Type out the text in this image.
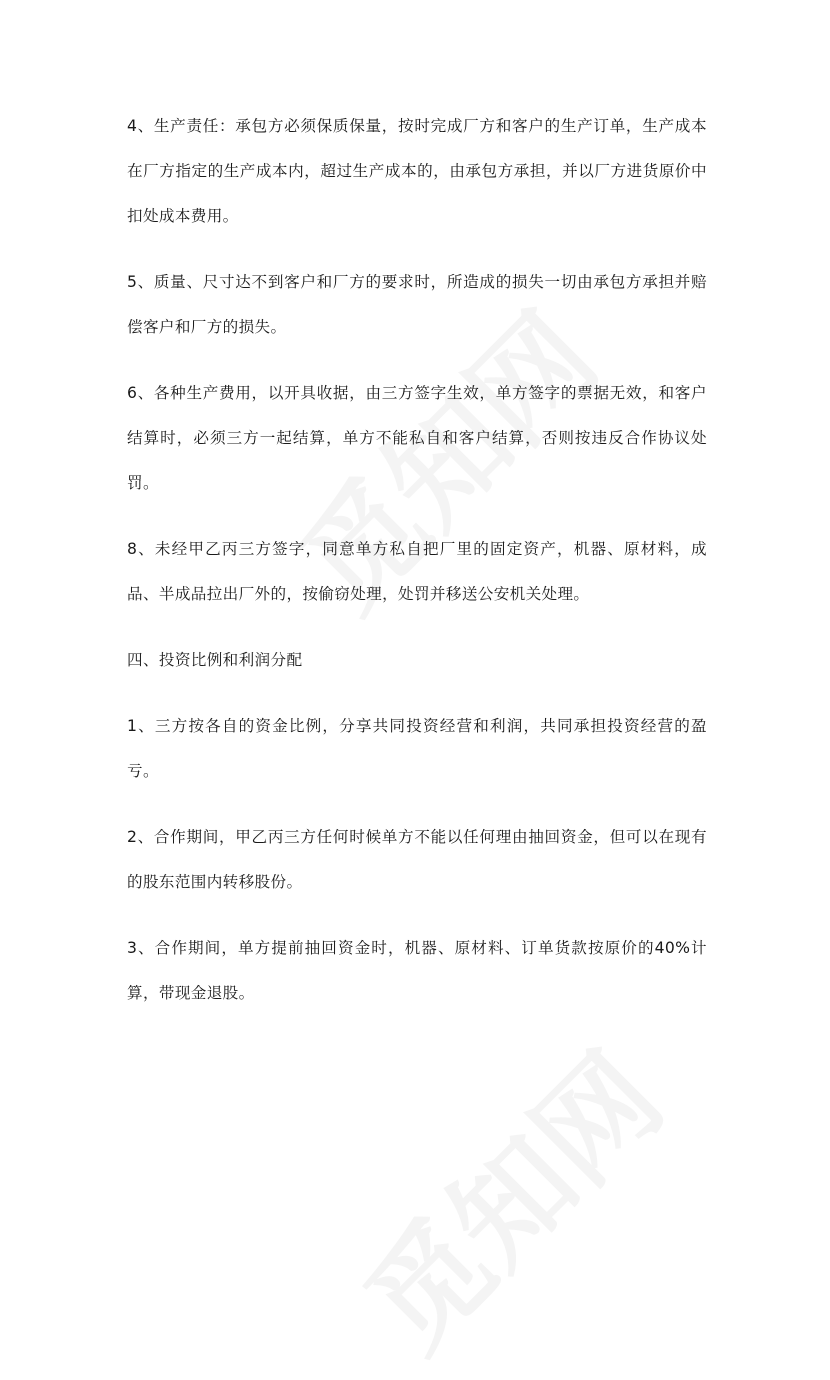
4、生产责任：承包方必须保质保量，按时完成厂方和客户的生产订单，生产成本在厂方指定的生产成本内，超过生产成本的，由承包方承担，并以厂方进货原价中扣处成本费用。

5、质量、尺寸达不到客户和厂方的要求时，所造成的损失一切由承包方承担并赔偿客户和厂方的损失。

6、各种生产费用，以开具收据，由三方签字生效，单方签字的票据无效，和客户结算时，必须三方一起结算，单方不能私自和客户结算，否则按违反合作协议处罚。

8、未经甲乙丙三方签字，同意单方私自把厂里的固定资产，机器、原材料，成品、半成品拉出厂外的，按偷窃处理，处罚并移送公安机关处理。

四、投资比例和利润分配

1、三方按各自的资金比例，分享共同投资经营和利润，共同承担投资经营的盈亏。

2、合作期间，甲乙丙三方任何时候单方不能以任何理由抽回资金，但可以在现有的股东范围内转移股份。

3、合作期间，单方提前抽回资金时，机器、原材料、订单货款按原价的40%计算，带现金退股。
